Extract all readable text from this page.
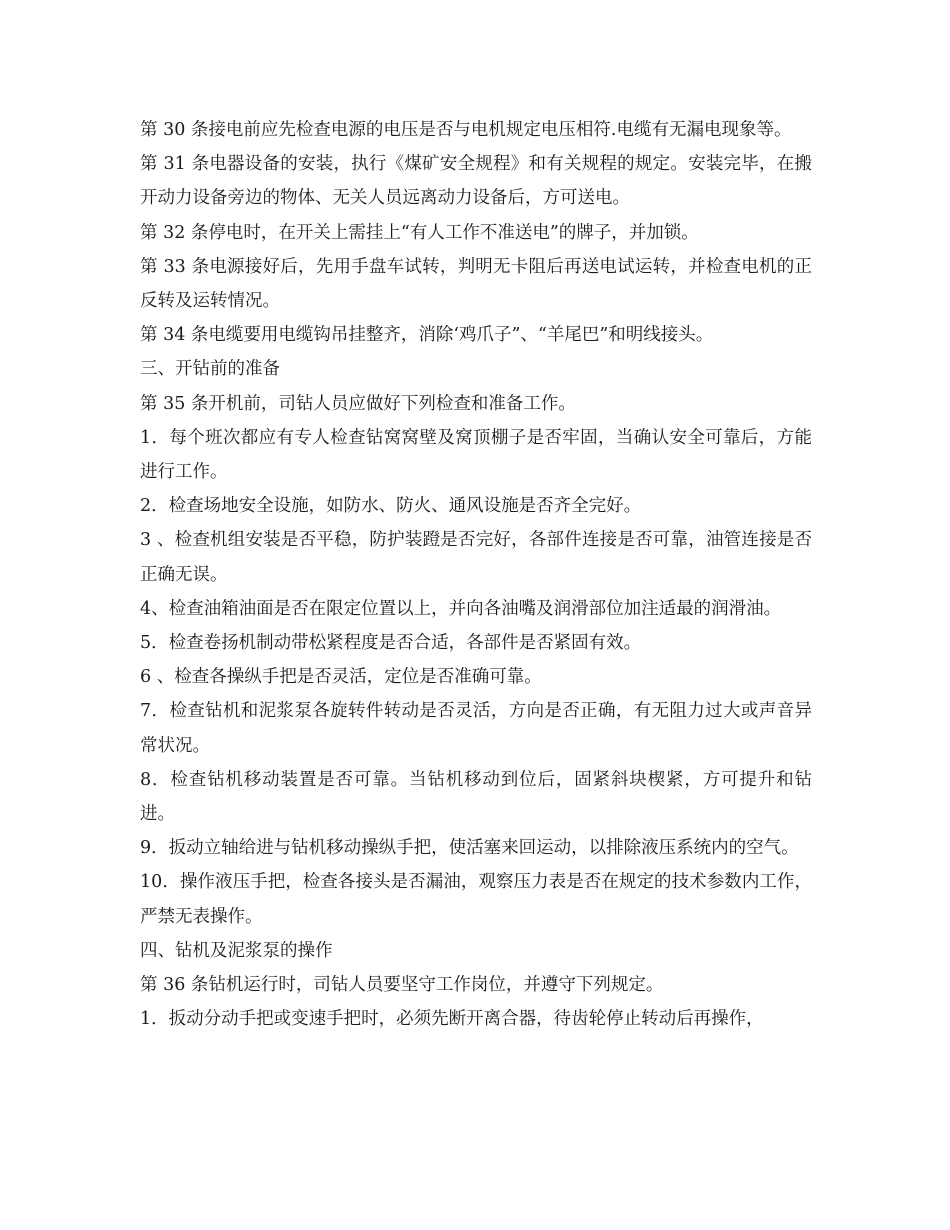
第 30 条接电前应先检查电源的电压是否与电机规定电压相符.电缆有无漏电现象等。

第 31 条电器设备的安装，执行《煤矿安全规程》和有关规程的规定。安装完毕，在搬开动力设备旁边的物体、无关人员远离动力设备后，方可送电。

第 32 条停电时，在开关上需挂上“有人工作不准送电”的牌子，并加锁。

第 33 条电源接好后，先用手盘车试转，判明无卡阻后再送电试运转，并检查电机的正反转及运转情况。

第 34 条电缆要用电缆钩吊挂整齐，消除‘鸡爪子”、“羊尾巴”和明线接头。

三、开钻前的准备

第 35 条开机前，司钻人员应做好下列检查和准备工作。

1．每个班次都应有专人检查钻窝窝壁及窝顶棚子是否牢固，当确认安全可靠后，方能进行工作。

2．检查场地安全设施，如防水、防火、通风设施是否齐全完好。

3 、检查机组安装是否平稳，防护装蹬是否完好，各部件连接是否可靠，油管连接是否正确无误。

4、检查油箱油面是否在限定位置以上，并向各油嘴及润滑部位加注适最的润滑油。

5．检查卷扬机制动带松紧程度是否合适，各部件是否紧固有效。

6 、检查各操纵手把是否灵活，定位是否准确可靠。

7．检查钻机和泥浆泵各旋转件转动是否灵活，方向是否正确，有无阻力过大或声音异常状况。

8．检查钻机移动装置是否可靠。当钻机移动到位后，固紧斜块楔紧，方可提升和钻进。

9．扳动立轴给进与钻机移动操纵手把，使活塞来回运动，以排除液压系统内的空气。

10．操作液压手把，检查各接头是否漏油，观察压力表是否在规定的技术参数内工作，严禁无表操作。

四、钻机及泥浆泵的操作

第 36 条钻机运行时，司钻人员要坚守工作岗位，并遵守下列规定。

1．扳动分动手把或变速手把时，必须先断开离合器，待齿轮停止转动后再操作，
